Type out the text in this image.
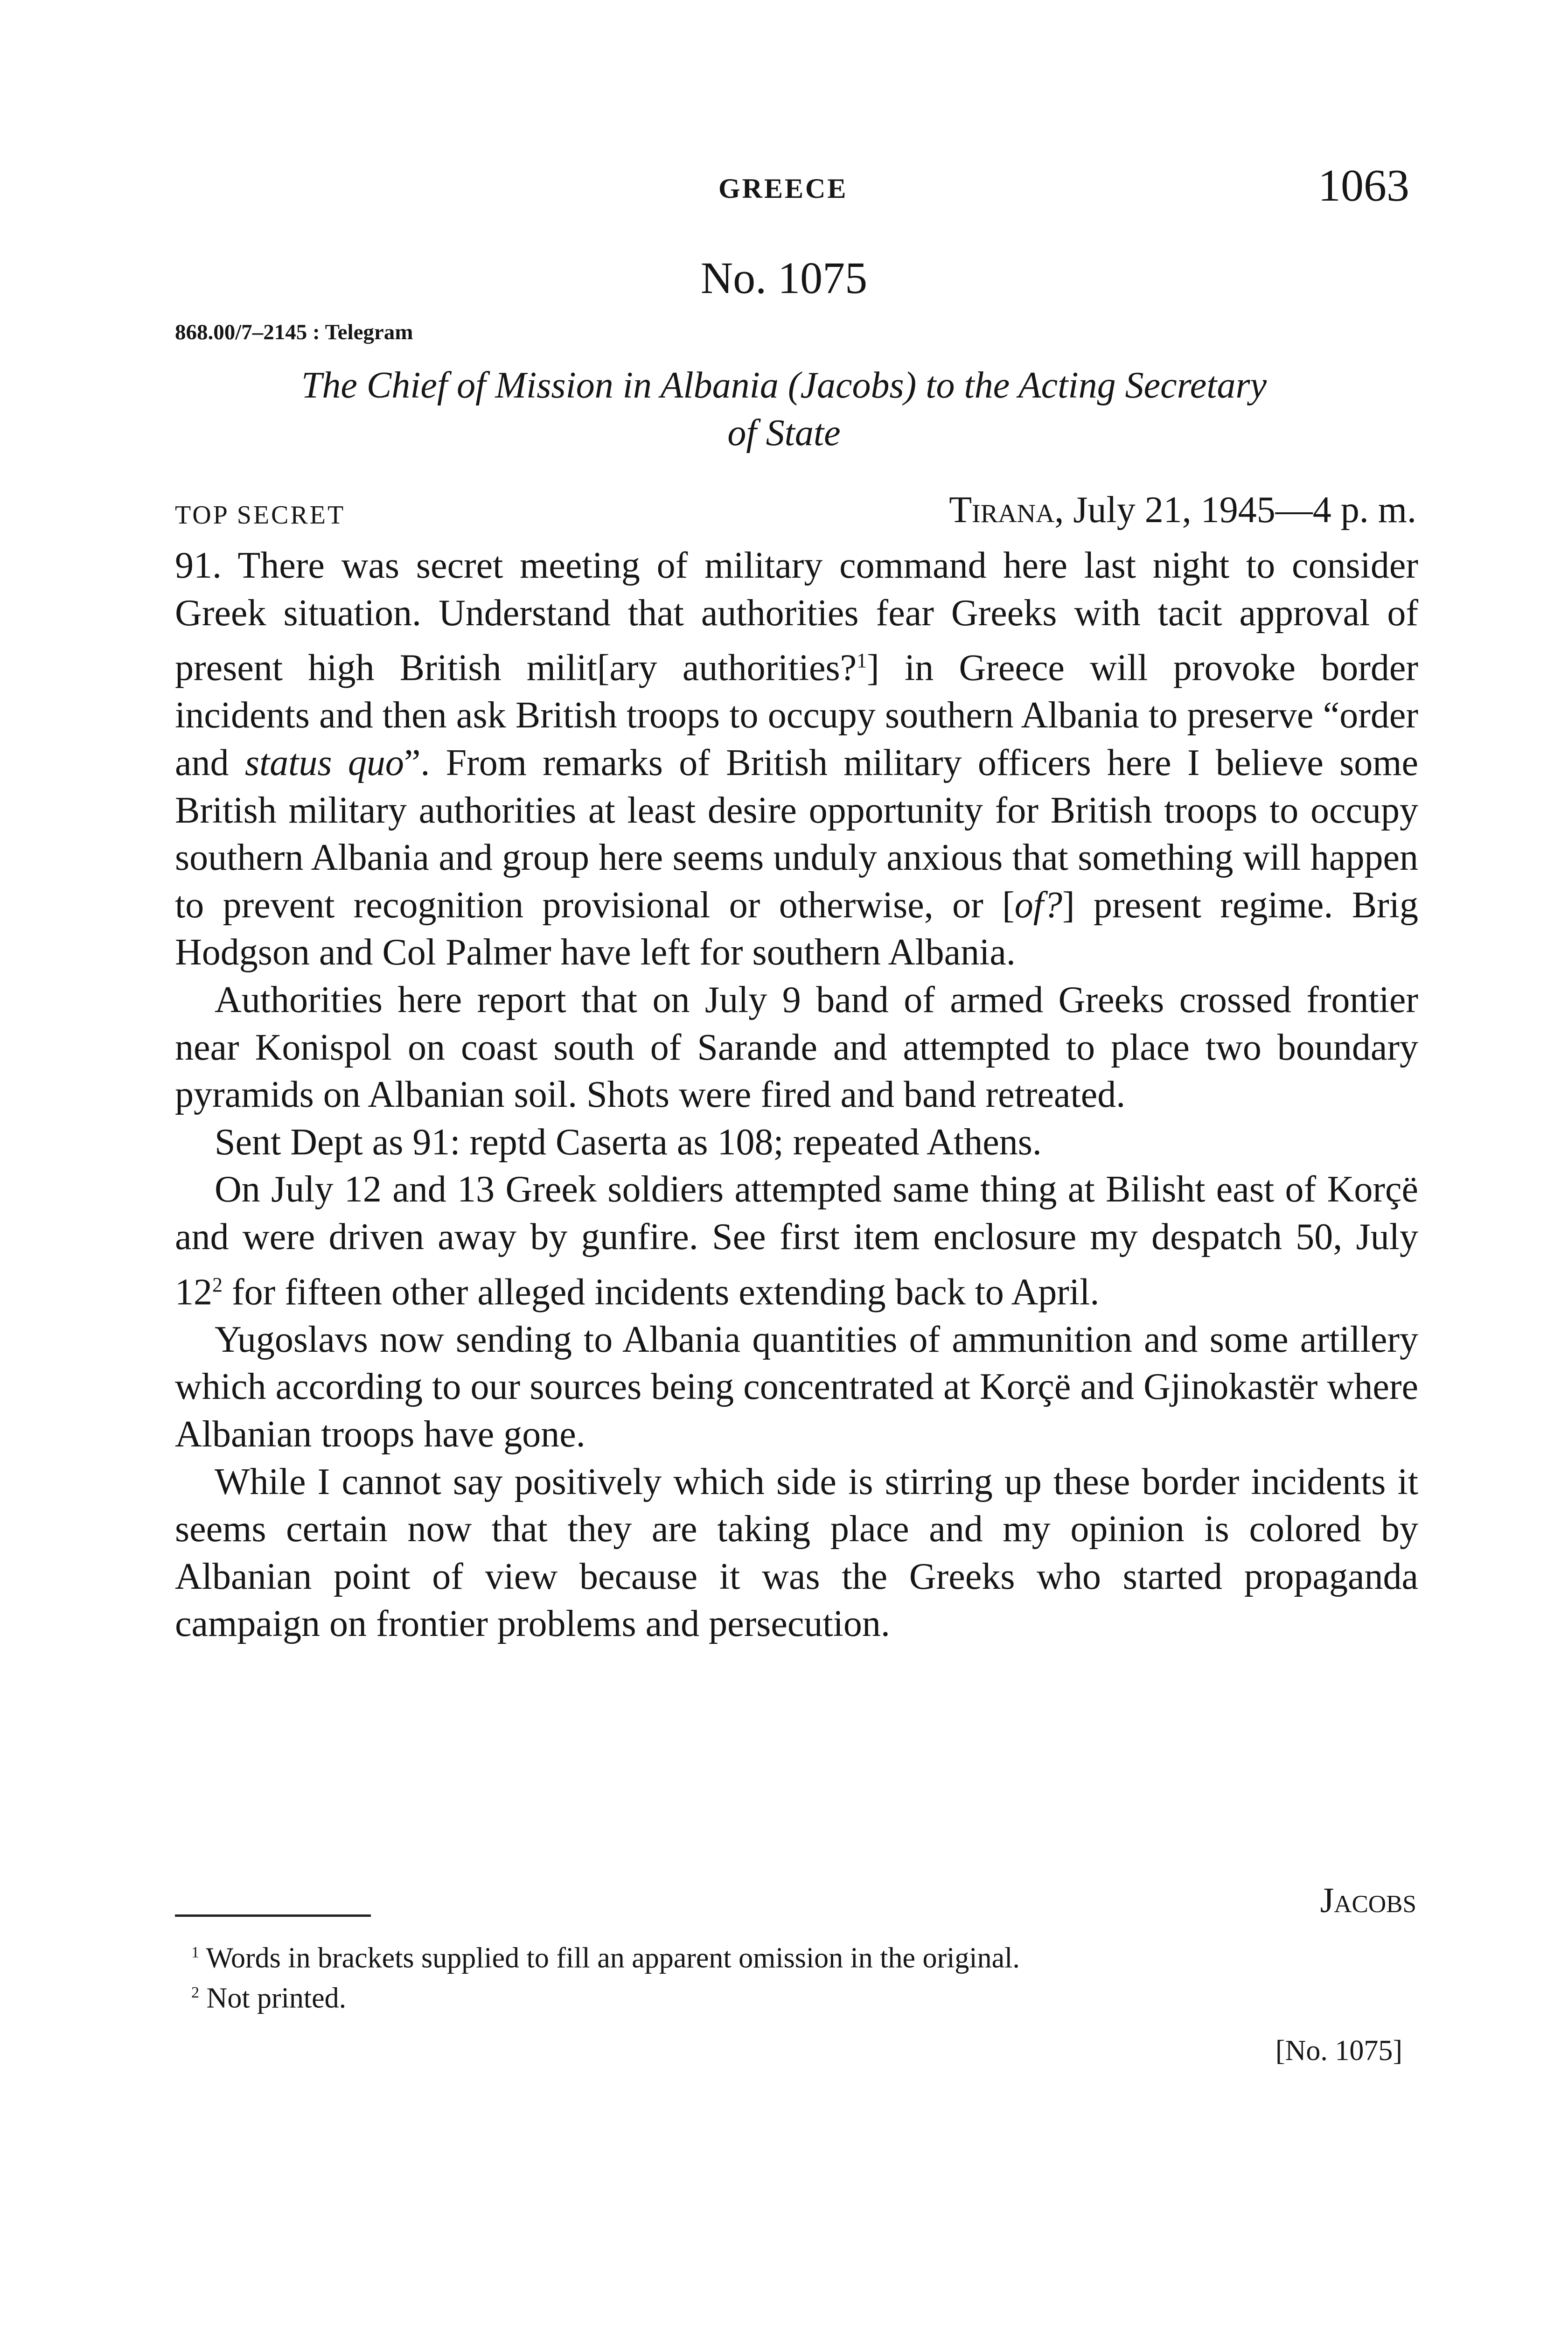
GREECE	1063
No. 1075
868.00/7–2145 : Telegram
The Chief of Mission in Albania (Jacobs) to the Acting Secretary
of State
TOP SECRET	Tirana, July 21, 1945—4 p. m.

91. There was secret meeting of military command here last night to consider Greek situation. Understand that authorities fear Greeks with tacit approval of present high British milit[ary authorities?$^1$] in Greece will provoke border incidents and then ask British troops to occupy southern Albania to preserve “order and status quo”. From remarks of British military officers here I believe some British military authorities at least desire opportunity for British troops to occupy southern Albania and group here seems unduly anxious that something will happen to prevent recognition provisional or otherwise, or [of?] present regime. Brig Hodgson and Col Palmer have left for southern Albania.

Authorities here report that on July 9 band of armed Greeks crossed frontier near Konispol on coast south of Sarande and attempted to place two boundary pyramids on Albanian soil. Shots were fired and band retreated.

Sent Dept as 91: reptd Caserta as 108; repeated Athens.

On July 12 and 13 Greek soldiers attempted same thing at Bilisht east of Korçë and were driven away by gunfire. See first item enclosure my despatch 50, July $12^2$ for fifteen other alleged incidents extending back to April.

Yugoslavs now sending to Albania quantities of ammunition and some artillery which according to our sources being concentrated at Korçë and Gjinokastër where Albanian troops have gone.

While I cannot say positively which side is stirring up these border incidents it seems certain now that they are taking place and my opinion is colored by Albanian point of view because it was the Greeks who started propaganda campaign on frontier problems and persecution.

Jacobs
$^1$ Words in brackets supplied to fill an apparent omission in the original.
$^2$ Not printed.
[No. 1075]
